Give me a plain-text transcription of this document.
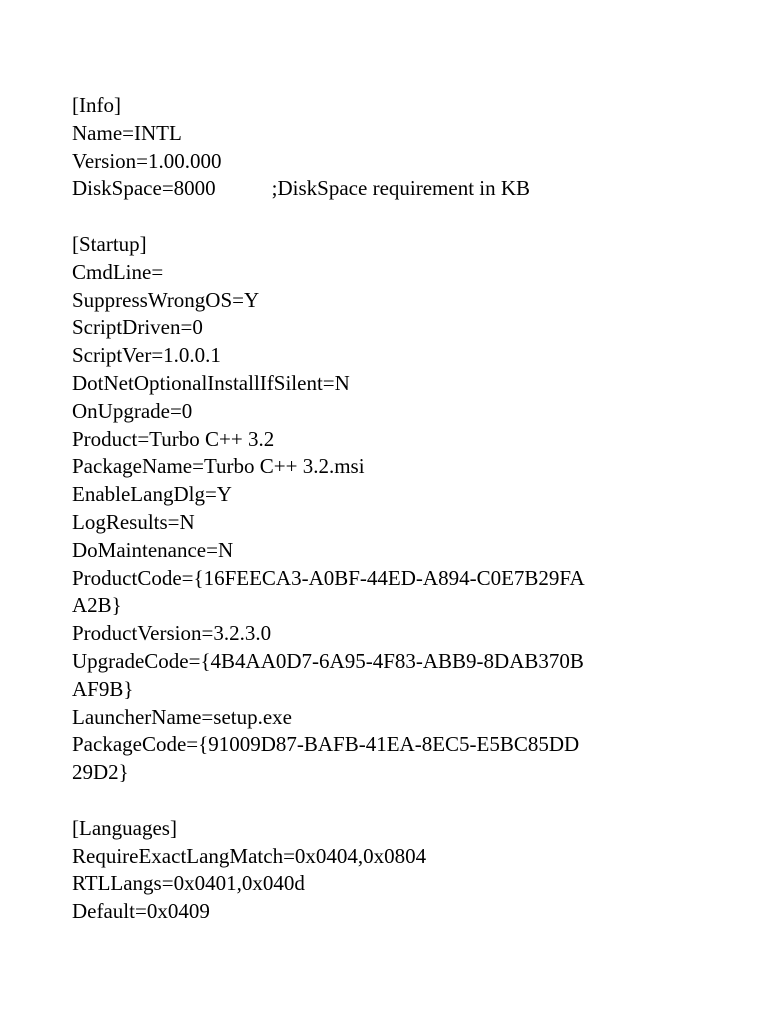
[Info]
Name=INTL
Version=1.00.000
DiskSpace=8000	;DiskSpace requirement in KB
[Startup]
CmdLine=
SuppressWrongOS=Y
ScriptDriven=0
ScriptVer=1.0.0.1
DotNetOptionalInstallIfSilent=N
OnUpgrade=0
Product=Turbo C++ 3.2
PackageName=Turbo C++ 3.2.msi
EnableLangDlg=Y
LogResults=N
DoMaintenance=N
ProductCode={16FEECA3-A0BF-44ED-A894-C0E7B29FA
A2B}
ProductVersion=3.2.3.0
UpgradeCode={4B4AA0D7-6A95-4F83-ABB9-8DAB370B
AF9B}
LauncherName=setup.exe
PackageCode={91009D87-BAFB-41EA-8EC5-E5BC85DD
29D2}
[Languages]
RequireExactLangMatch=0x0404,0x0804
RTLLangs=0x0401,0x040d
Default=0x0409
